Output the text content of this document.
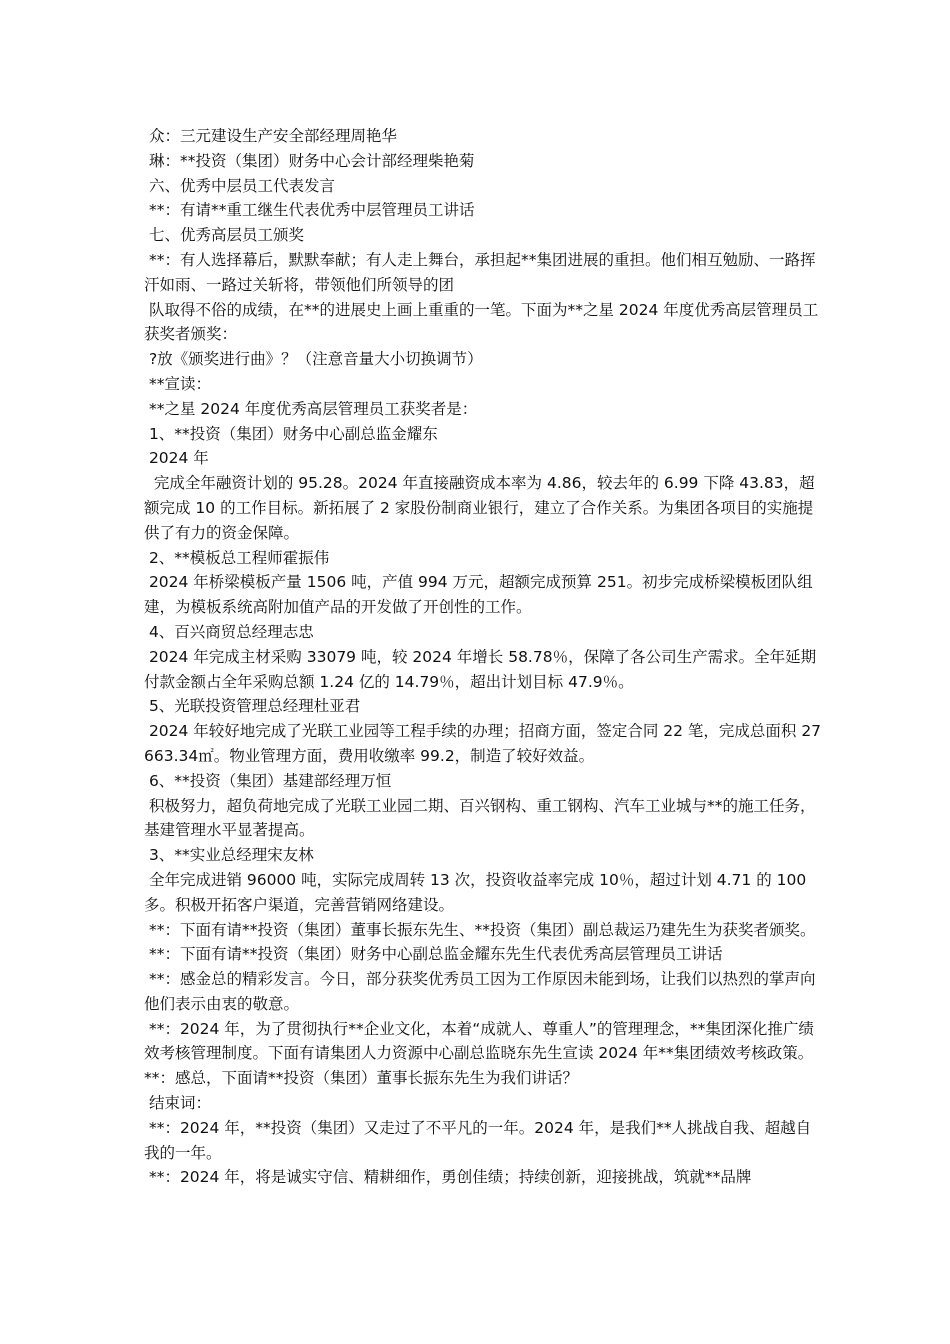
众：三元建设生产安全部经理周艳华

琳：**投资（集团）财务中心会计部经理柴艳菊

六、优秀中层员工代表发言

**：有请**重工继生代表优秀中层管理员工讲话

七、优秀高层员工颁奖

**：有人选择幕后，默默奉献；有人走上舞台，承担起**集团进展的重担。他们相互勉励、一路挥汗如雨、一路过关斩将，带领他们所领导的团

队取得不俗的成绩，在**的进展史上画上重重的一笔。下面为**之星 2024 年度优秀高层管理员工获奖者颁奖：

?放《颁奖进行曲》？（注意音量大小切换调节）

**宣读：

**之星 2024 年度优秀高层管理员工获奖者是：

1、**投资（集团）财务中心副总监金耀东

2024 年

完成全年融资计划的 95.28。2024 年直接融资成本率为 4.86，较去年的 6.99 下降 43.83，超额完成 10 的工作目标。新拓展了 2 家股份制商业银行，建立了合作关系。为集团各项目的实施提供了有力的资金保障。

2、**模板总工程师霍振伟

2024 年桥梁模板产量 1506 吨，产值 994 万元，超额完成预算 251。初步完成桥梁模板团队组建，为模板系统高附加值产品的开发做了开创性的工作。

4、百兴商贸总经理志忠

2024 年完成主材采购 33079 吨，较 2024 年增长 58.78％，保障了各公司生产需求。全年延期付款金额占全年采购总额 1.24 亿的 14.79％，超出计划目标 47.9％。

5、光联投资管理总经理杜亚君

2024 年较好地完成了光联工业园等工程手续的办理；招商方面，签定合同 22 笔，完成总面积 27663.34㎡。物业管理方面，费用收缴率 99.2，制造了较好效益。

6、**投资（集团）基建部经理万恒

积极努力，超负荷地完成了光联工业园二期、百兴钢构、重工钢构、汽车工业城与**的施工任务，基建管理水平显著提高。

3、**实业总经理宋友林

全年完成进销 96000 吨，实际完成周转 13 次，投资收益率完成 10％，超过计划 4.71 的 100 多。积极开拓客户渠道，完善营销网络建设。

**：下面有请**投资（集团）董事长振东先生、**投资（集团）副总裁运乃建先生为获奖者颁奖。

**：下面有请**投资（集团）财务中心副总监金耀东先生代表优秀高层管理员工讲话

**：感金总的精彩发言。今日，部分获奖优秀员工因为工作原因未能到场，让我们以热烈的掌声向他们表示由衷的敬意。

**：2024 年，为了贯彻执行**企业文化，本着“成就人、尊重人”的管理理念，**集团深化推广绩效考核管理制度。下面有请集团人力资源中心副总监晓东先生宣读 2024 年**集团绩效考核政策。 **：感总，下面请**投资（集团）董事长振东先生为我们讲话？

结束词：

**：2024 年，**投资（集团）又走过了不平凡的一年。2024 年，是我们**人挑战自我、超越自我的一年。

**：2024 年，将是诚实守信、精耕细作，勇创佳绩；持续创新，迎接挑战，筑就**品牌
